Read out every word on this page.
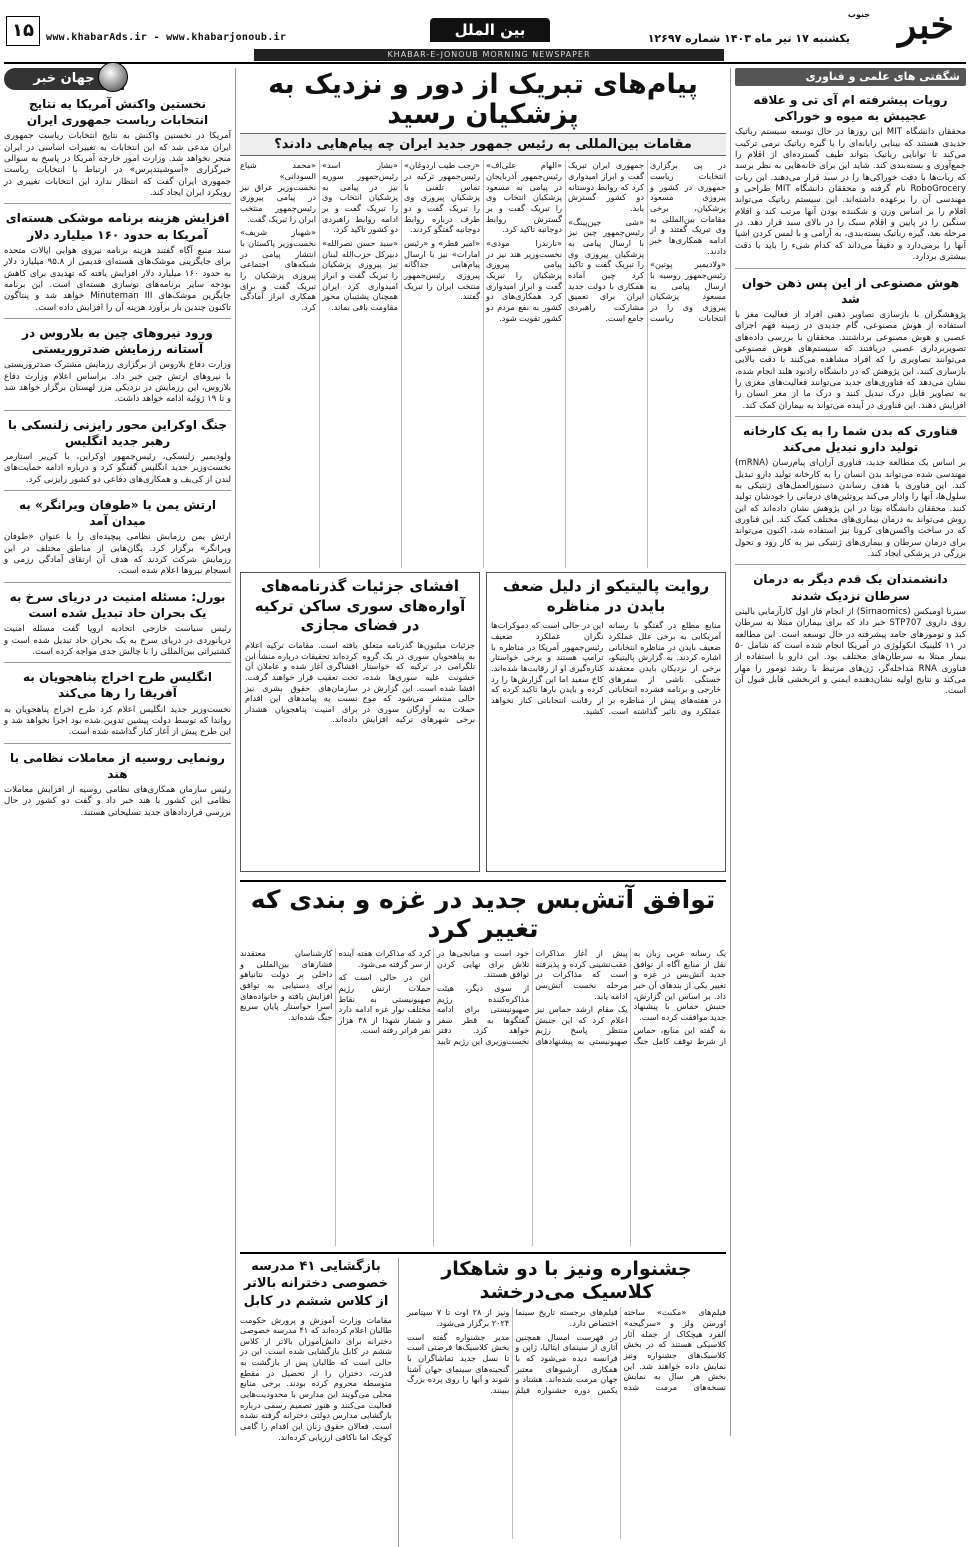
۱۵	www.khabarAds.ir - www.khabarjonoub.ir	بین الملل	خبر
جنوب
یکشنبه ۱۷ تیر ماه ۱۴۰۳ شماره ۱۲۶۹۷
KHABAR-E-JONOUB MORNING NEWSPAPER
شگفتی های علمی و فناوری
روبات پیشرفته ام آی تی و علاقه عجیبش به میوه و خوراکی

محققان دانشگاه MIT این روزها در حال توسعه سیستم رباتیک جدیدی هستند که بینایی رایانه‌ای را با گیره رباتیک نرمی ترکیب می‌کند تا توانایی رباتیک بتواند طیف گسترده‌ای از اقلام را جمع‌آوری و بسته‌بندی کند. شاید این برای خانه‌هایی به نظر برسد که ربات‌ها با دقت خوراکی‌ها را در سبد قرار می‌دهند. این ربات RoboGrocery نام گرفته و محققان دانشگاه MIT طراحی و مهندسی آن را برعهده داشته‌اند. این سیستم رباتیک می‌تواند اقلام را بر اساس وزن و شکننده بودن آنها مرتب کند و اقلام سنگین را در پایین و اقلام سبک را در بالای سبد قرار دهد. در مرحله بعد، گیره رباتیک بسته‌بندی، به آرامی و با لمس کردن اشیا آنها را برمی‌دارد و دقیقاً می‌داند که کدام شیء را باید با دقت بیشتری بردارد.

هوش مصنوعی از این پس ذهن خوان شد

پژوهشگران با بازسازی تصاویر ذهنی افراد از فعالیت مغز با استفاده از هوش مصنوعی، گام جدیدی در زمینه فهم اجزای عصبی و هوش مصنوعی برداشتند. محققان با بررسی داده‌های تصویربرداری عصبی دریافتند که سیستم‌های هوش مصنوعی می‌توانند تصاویری را که افراد مشاهده می‌کنند با دقت بالایی بازسازی کنند. این پژوهش که در دانشگاه رادبود هلند انجام شده، نشان می‌دهد که فناوری‌های جدید می‌توانند فعالیت‌های مغزی را به تصاویر قابل درک تبدیل کنند و درک ما از مغز انسان را افزایش دهند. این فناوری در آینده می‌تواند به بیماران کمک کند.

فناوری که بدن شما را به یک کارخانه تولید دارو تبدیل می‌کند

بر اساس یک مطالعه جدید، فناوری آران‌ای پیام‌رسان (mRNA) مهندسی شده می‌تواند بدن انسان را به کارخانه تولید دارو تبدیل کند. این فناوری با هدف رساندن دستورالعمل‌های ژنتیکی به سلول‌ها، آنها را وادار می‌کند پروتئین‌های درمانی را خودشان تولید کنند. محققان دانشگاه یوتا در این پژوهش نشان داده‌اند که این روش می‌تواند به درمان بیماری‌های مختلف کمک کند. این فناوری که در ساخت واکسن‌های کرونا نیز استفاده شد، اکنون می‌تواند برای درمان سرطان و بیماری‌های ژنتیکی نیز به کار رود و تحول بزرگی در پزشکی ایجاد کند.

دانشمندان یک قدم دیگر به درمان سرطان نزدیک شدند

سیرنا اومیکس (Sirnaomics) از انجام فاز اول کارآزمایی بالینی روی داروی STP707 خبر داد که برای بیماران مبتلا به سرطان کبد و تومورهای جامد پیشرفته در حال توسعه است. این مطالعه در ۱۱ کلینیک انکولوژی در آمریکا انجام شده است که شامل ۵۰ بیمار مبتلا به سرطان‌های مختلف بود. این دارو با استفاده از فناوری RNA مداخله‌گر، ژن‌های مرتبط با رشد تومور را مهار می‌کند و نتایج اولیه نشان‌دهنده ایمنی و اثربخشی قابل قبول آن است.

جهان خبر
نخستین واکنش آمریکا به نتایج انتخابات ریاست جمهوری ایران

آمریکا در نخستین واکنش به نتایج انتخابات ریاست جمهوری ایران مدعی شد که این انتخابات به تغییرات اساسی در ایران منجر نخواهد شد. وزارت امور خارجه آمریکا در پاسخ به سوالی خبرگزاری «آسوشیتدپرس» در ارتباط با انتخابات ریاست جمهوری ایران گفت که انتظار ندارد این انتخابات تغییری در رویکرد ایران ایجاد کند.

افزایش هزینه برنامه موشکی هسته‌ای آمریکا به حدود ۱۶۰ میلیارد دلار

سند منبع آگاه گفتند هزینه برنامه نیروی هوایی ایالات متحده برای جایگزینی موشک‌های هسته‌ای قدیمی از ۹۵.۸ میلیارد دلار به حدود ۱۶۰ میلیارد دلار افزایش یافته که تهدیدی برای کاهش بودجه سایر برنامه‌های نوسازی هسته‌ای است. این برنامه جایگزین موشک‌های Minuteman III خواهد شد و پنتاگون تاکنون چندین بار برآورد هزینه آن را افزایش داده است.

ورود نیروهای چین به بلاروس در آستانه رزمایش ضدتروریستی

وزارت دفاع بلاروس از برگزاری رزمایش مشترک ضدتروریستی با نیروهای ارتش چین خبر داد. براساس اعلام وزارت دفاع بلاروس، این رزمایش در نزدیکی مرز لهستان برگزار خواهد شد و تا ۱۹ ژوئیه ادامه خواهد داشت.

جنگ اوکراین محور رایزنی زلنسکی با رهبر جدید انگلیس

ولودیمیر زلنسکی، رئیس‌جمهور اوکراین، با کی‌یر استارمر نخست‌وزیر جدید انگلیس گفتگو کرد و درباره ادامه حمایت‌های لندن از کی‌یف و همکاری‌های دفاعی دو کشور رایزنی کرد.

ارتش یمن با «طوفان ویرانگر» به میدان آمد

ارتش یمن رزمایش نظامی پیچیده‌ای را با عنوان «طوفان ویرانگر» برگزار کرد. یگان‌هایی از مناطق مختلف در این رزمایش شرکت کردند که هدف آن ارتقای آمادگی رزمی و انسجام نیروها اعلام شده است.

بورل: مسئله امنیت در دریای سرخ به یک بحران حاد تبدیل شده است

رئیس سیاست خارجی اتحادیه اروپا گفت مسئله امنیت دریانوردی در دریای سرخ به یک بحران حاد تبدیل شده است و کشتیرانی بین‌المللی را با چالش جدی مواجه کرده است.

انگلیس طرح اخراج پناهجویان به آفریقا را رها می‌کند

نخست‌وزیر جدید انگلیس اعلام کرد طرح اخراج پناهجویان به رواندا که توسط دولت پیشین تدوین شده بود اجرا نخواهد شد و این طرح پیش از آغاز کنار گذاشته شده است.

رونمایی روسیه از معاملات نظامی با هند

رئیس سازمان همکاری‌های نظامی روسیه از افزایش معاملات نظامی این کشور با هند خبر داد و گفت دو کشور در حال بررسی قراردادهای جدید تسلیحاتی هستند.

پیام‌های تبریک از دور و نزدیک به پزشکیان رسید
مقامات بین‌المللی به رئیس جمهور جدید ایران چه پیام‌هایی دادند؟

در پی برگزاری انتخابات ریاست جمهوری در کشور و پیروزی مسعود پزشکیان، برخی مقامات بین‌المللی به وی تبریک گفتند و از ادامه همکاری‌ها خبر دادند.

«ولادیمیر پوتین» رئیس‌جمهور روسیه با ارسال پیامی به مسعود پزشکیان پیروزی وی را در انتخابات ریاست جمهوری ایران تبریک گفت و ابراز امیدواری کرد که روابط دوستانه دو کشور گسترش یابد.

«شی جین‌پینگ» رئیس‌جمهور چین نیز با ارسال پیامی به پزشکیان پیروزی وی را تبریک گفت و تاکید کرد چین آماده همکاری با دولت جدید ایران برای تعمیق مشارکت راهبردی جامع است.

«الهام علی‌اف» رئیس‌جمهور آذربایجان در پیامی به مسعود پزشکیان انتخاب وی را تبریک گفت و بر گسترش روابط دوجانبه تاکید کرد.

«نارندرا مودی» نخست‌وزیر هند نیز در پیامی پیروزی پزشکیان را تبریک گفت و ابراز امیدواری کرد همکاری‌های دو کشور به نفع مردم دو کشور تقویت شود.

«رجب طیب اردوغان» رئیس‌جمهور ترکیه در تماس تلفنی با پزشکیان پیروزی وی را تبریک گفت و دو طرف درباره روابط دوجانبه گفتگو کردند.

«امیر قطر» و «رئیس امارات» نیز با ارسال پیام‌هایی جداگانه پیروزی رئیس‌جمهور منتخب ایران را تبریک گفتند.

«بشار اسد» رئیس‌جمهور سوریه نیز در پیامی به پزشکیان انتخاب وی را تبریک گفت و بر ادامه روابط راهبردی دو کشور تاکید کرد.

«سید حسن نصرالله» دبیرکل حزب‌الله لبنان نیز پیروزی پزشکیان را تبریک گفت و ابراز امیدواری کرد ایران همچنان پشتیبان محور مقاومت باقی بماند.

«محمد شیاع السودانی» نخست‌وزیر عراق نیز در پیامی پیروزی رئیس‌جمهور منتخب ایران را تبریک گفت.

«شهباز شریف» نخست‌وزیر پاکستان با انتشار پیامی در شبکه‌های اجتماعی پیروزی پزشکیان را تبریک گفت و برای همکاری ابراز آمادگی کرد.

روایت پالیتیکو از دلیل ضعف بایدن در مناظره

منابع مطلع در گفتگو با رسانه آمریکایی به برخی علل عملکرد ضعیف بایدن در مناظره انتخاباتی اشاره کردند. به گزارش پالیتیکو، برخی از نزدیکان بایدن معتقدند خستگی ناشی از سفرهای خارجی و برنامه فشرده انتخاباتی در هفته‌های پیش از مناظره بر عملکرد وی تاثیر گذاشته است. این در حالی است که دموکرات‌ها نگران عملکرد ضعیف رئیس‌جمهور آمریکا در مناظره با ترامپ هستند و برخی خواستار کناره‌گیری او از رقابت‌ها شده‌اند. کاخ سفید اما این گزارش‌ها را رد کرده و بایدن بارها تاکید کرده که از رقابت انتخاباتی کنار نخواهد کشید.

افشای جزئیات گذرنامه‌های آواره‌های سوری ساکن ترکیه در فضای مجازی

جزئیات میلیون‌ها گذرنامه متعلق به پناهجویان سوری در یک گروه تلگرامی در ترکیه که خواستار خشونت علیه سوری‌ها شده، افشا شده است. این گزارش در حالی منتشر می‌شود که موج حملات به آوارگان سوری در برخی شهرهای ترکیه افزایش یافته است. مقامات ترکیه اعلام کرده‌اند تحقیقات درباره منشأ این افشاگری آغاز شده و عاملان آن تحت تعقیب قرار خواهند گرفت. سازمان‌های حقوق بشری نیز نسبت به پیامدهای این اقدام برای امنیت پناهجویان هشدار داده‌اند.

توافق آتش‌بس جدید در غزه و بندی که تغییر کرد

یک رسانه عربی زبان به نقل از منابع آگاه از توافق جدید آتش‌بس در غزه و تغییر یکی از بندهای آن خبر داد. بر اساس این گزارش، جنبش حماس با پیشنهاد جدید موافقت کرده است.

به گفته این منابع، حماس از شرط توقف کامل جنگ پیش از آغاز مذاکرات عقب‌نشینی کرده و پذیرفته است که مذاکرات در مرحله نخست آتش‌بس ادامه یابد.

یک مقام ارشد حماس نیز اعلام کرد که این جنبش منتظر پاسخ رژیم صهیونیستی به پیشنهادهای خود است و میانجی‌ها در تلاش برای نهایی کردن توافق هستند.

از سوی دیگر، هیئت مذاکره‌کننده رژیم صهیونیستی برای ادامه گفتگوها به قطر سفر خواهد کرد. دفتر نخست‌وزیری این رژیم تایید کرد که مذاکرات هفته آینده از سر گرفته می‌شود.

این در حالی است که حملات ارتش رژیم صهیونیستی به نقاط مختلف نوار غزه ادامه دارد و شمار شهدا از ۳۸ هزار نفر فراتر رفته است.

کارشناسان معتقدند فشارهای بین‌المللی و داخلی بر دولت نتانیاهو برای دستیابی به توافق افزایش یافته و خانواده‌های اسرا خواستار پایان سریع جنگ شده‌اند.

جشنواره ونیز با دو شاهکار کلاسیک می‌درخشد

فیلم‌های «مکبث» ساخته اورسن ولز و «سرگیجه» آلفرد هیچکاک از جمله آثار کلاسیکی هستند که در بخش کلاسیک‌های جشنواره ونیز نمایش داده خواهند شد. این بخش هر سال به نمایش نسخه‌های مرمت شده فیلم‌های برجسته تاریخ سینما اختصاص دارد.

در فهرست امسال همچنین آثاری از سینمای ایتالیا، ژاپن و فرانسه دیده می‌شود که با همکاری آرشیوهای معتبر جهان مرمت شده‌اند. هشتاد و یکمین دوره جشنواره فیلم ونیز از ۲۸ اوت تا ۷ سپتامبر ۲۰۲۴ برگزار می‌شود.

مدیر جشنواره گفته است بخش کلاسیک‌ها فرصتی است تا نسل جدید تماشاگران با گنجینه‌های سینمای جهان آشنا شوند و آنها را روی پرده بزرگ ببینند.

بازگشایی ۴۱ مدرسه خصوصی دخترانه بالاتر از کلاس ششم در کابل

مقامات وزارت آموزش و پرورش حکومت طالبان اعلام کرده‌اند که ۴۱ مدرسه خصوصی دخترانه برای دانش‌آموزان بالاتر از کلاس ششم در کابل بازگشایی شده است. این در حالی است که طالبان پس از بازگشت به قدرت، دختران را از تحصیل در مقطع متوسطه محروم کرده بودند. برخی منابع محلی می‌گویند این مدارس با محدودیت‌هایی فعالیت می‌کنند و هنوز تصمیم رسمی درباره بازگشایی مدارس دولتی دخترانه گرفته نشده است. فعالان حقوق زنان این اقدام را گامی کوچک اما ناکافی ارزیابی کرده‌اند.
